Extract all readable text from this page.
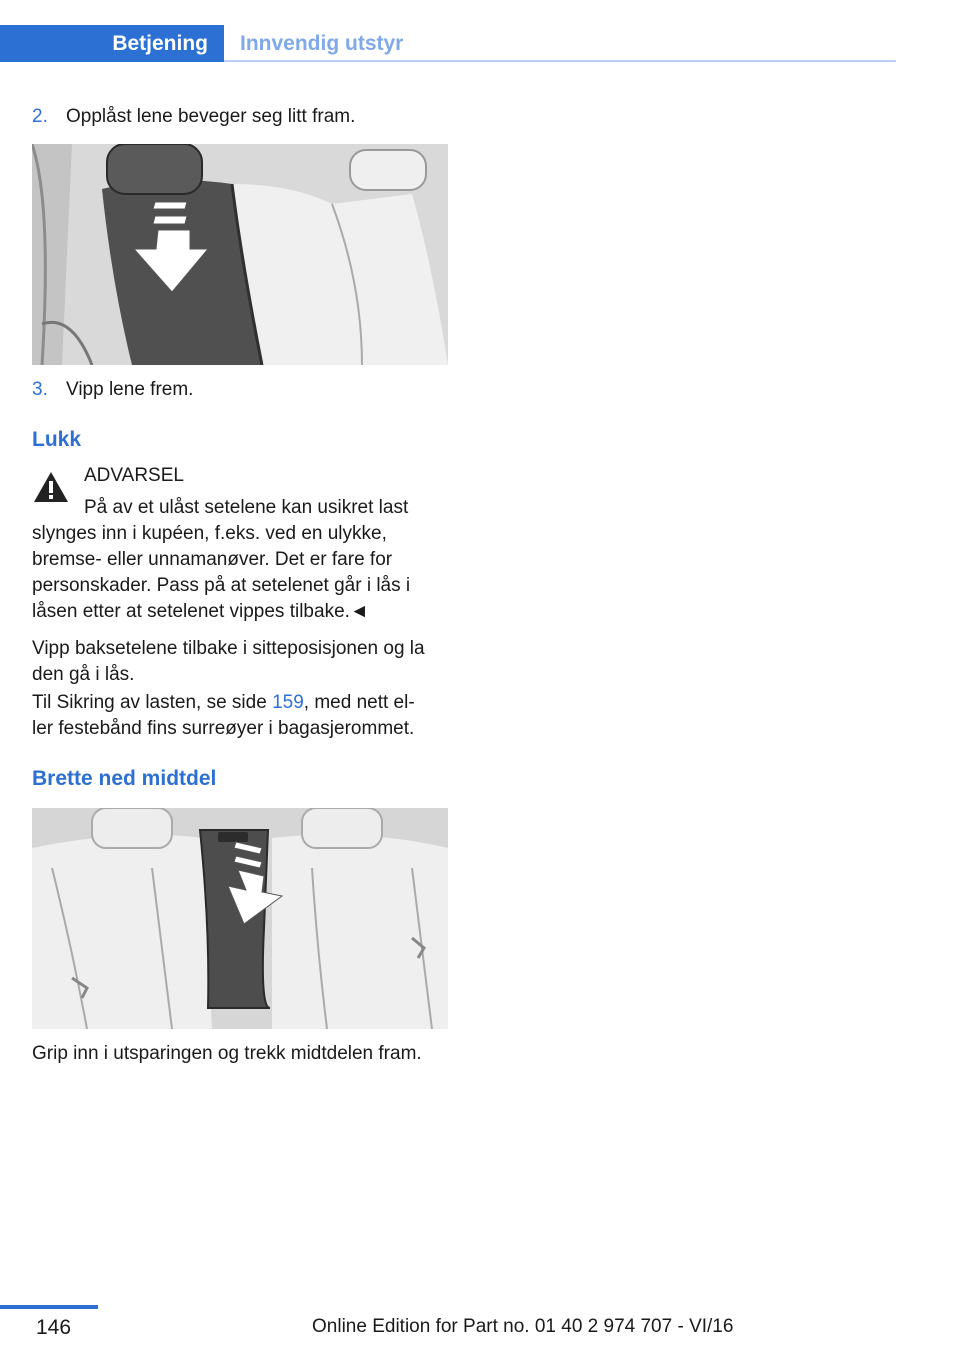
Betjening	Innvendig utstyr
2. Opplåst lene beveger seg litt fram.
3. Vipp lene frem.
Lukk
ADVARSEL

På av et ulåst setelene kan usikret last

slynges inn i kupéen, f.eks. ved en ulykke,

bremse- eller unnamanøver. Det er fare for

personskader. Pass på at setelenet går i lås i

låsen etter at setelenet vippes tilbake.◄

Vipp baksetelene tilbake i sitteposisjonen og la

den gå i lås.

Til Sikring av lasten, se side 159, med nett el-

ler festebånd fins surreøyer i bagasjerommet.

Brette ned midtdel
Grip inn i utsparingen og trekk midtdelen fram.
146	Online Edition for Part no. 01 40 2 974 707 - VI/16
